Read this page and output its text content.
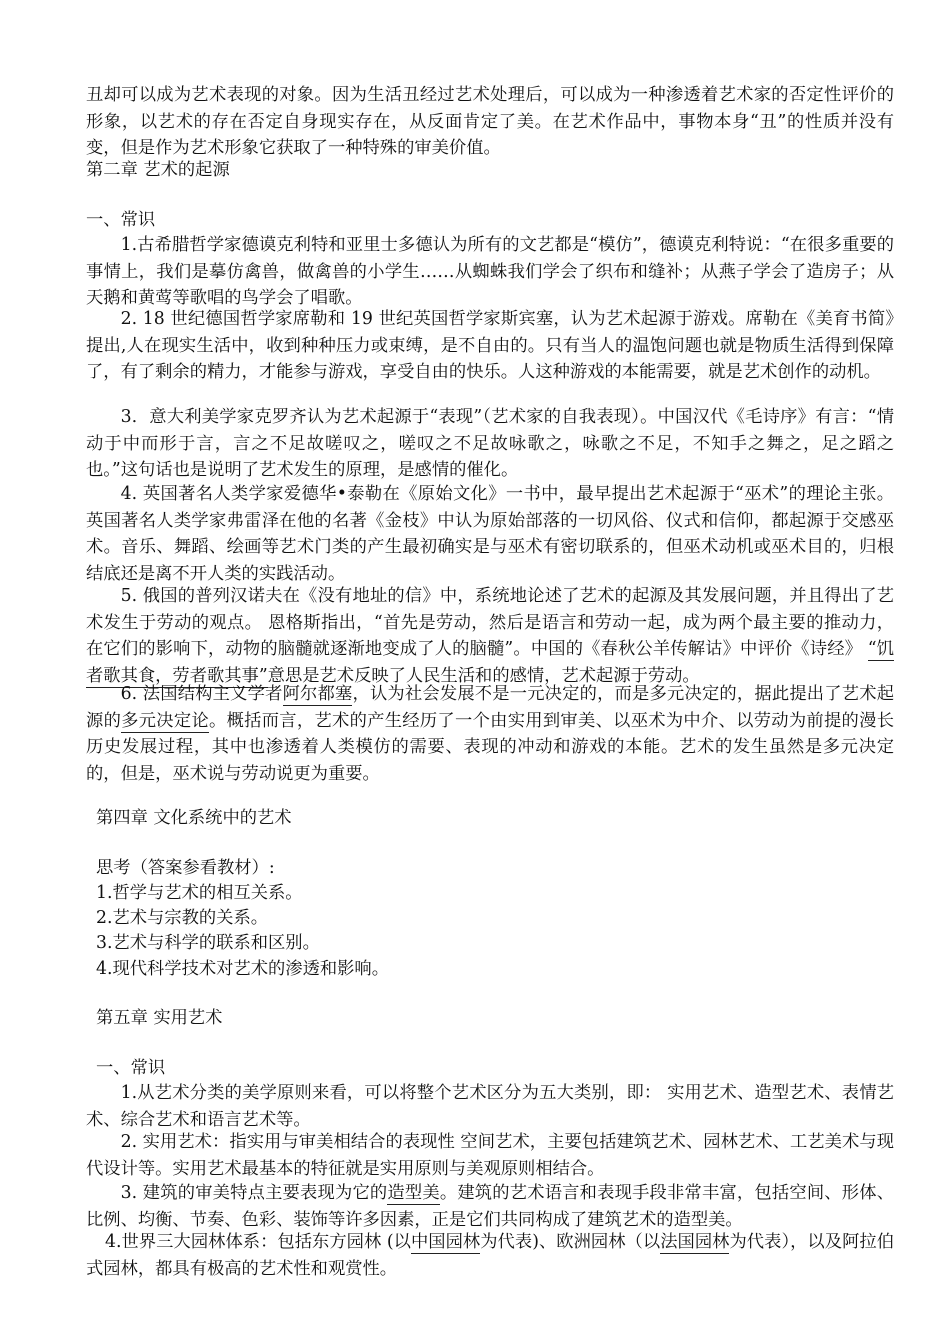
丑却可以成为艺术表现的对象。因为生活丑经过艺术处理后，可以成为一种渗透着艺术家的否定性评价的形象，以艺术的存在否定自身现实存在，从反面肯定了美。在艺术作品中，事物本身“丑”的性质并没有变，但是作为艺术形象它获取了一种特殊的审美价值。
第二章 艺术的起源
一、常识
1.古希腊哲学家德谟克利特和亚里士多德认为所有的文艺都是“模仿”，德谟克利特说：“在很多重要的事情上，我们是摹仿禽兽，做禽兽的小学生……从蜘蛛我们学会了织布和缝补；从燕子学会了造房子；从天鹅和黄莺等歌唱的鸟学会了唱歌。
2. 18 世纪德国哲学家席勒和 19 世纪英国哲学家斯宾塞，认为艺术起源于游戏。席勒在《美育书简》提出,人在现实生活中，收到种种压力或束缚，是不自由的。只有当人的温饱问题也就是物质生活得到保障了，有了剩余的精力，才能参与游戏，享受自由的快乐。人这种游戏的本能需要，就是艺术创作的动机。
3．意大利美学家克罗齐认为艺术起源于“表现”（艺术家的自我表现）。中国汉代《毛诗序》有言：“情动于中而形于言，言之不足故嗟叹之，嗟叹之不足故咏歌之，咏歌之不足，不知手之舞之，足之蹈之也。”这句话也是说明了艺术发生的原理，是感情的催化。
4. 英国著名人类学家爱德华•泰勒在《原始文化》一书中，最早提出艺术起源于“巫术”的理论主张。英国著名人类学家弗雷泽在他的名著《金枝》中认为原始部落的一切风俗、仪式和信仰，都起源于交感巫术。音乐、舞蹈、绘画等艺术门类的产生最初确实是与巫术有密切联系的，但巫术动机或巫术目的，归根结底还是离不开人类的实践活动。
5. 俄国的普列汉诺夫在《没有地址的信》中，系统地论述了艺术的起源及其发展问题，并且得出了艺术发生于劳动的观点。 恩格斯指出，“首先是劳动，然后是语言和劳动一起，成为两个最主要的推动力，在它们的影响下，动物的脑髓就逐渐地变成了人的脑髓”。中国的《春秋公羊传解诂》中评价《诗经》 “饥者歌其食，劳者歌其事”意思是艺术反映了人民生活和的感情，艺术起源于劳动。
6. 法国结构主义学者阿尔都塞，认为社会发展不是一元决定的，而是多元决定的，据此提出了艺术起源的多元决定论。概括而言，艺术的产生经历了一个由实用到审美、以巫术为中介、以劳动为前提的漫长历史发展过程，其中也渗透着人类模仿的需要、表现的冲动和游戏的本能。艺术的发生虽然是多元决定的，但是，巫术说与劳动说更为重要。
第四章 文化系统中的艺术
思考（答案参看教材）:
1.哲学与艺术的相互关系。
2.艺术与宗教的关系。
3.艺术与科学的联系和区别。
4.现代科学技术对艺术的渗透和影响。
第五章 实用艺术
一、常识
1.从艺术分类的美学原则来看，可以将整个艺术区分为五大类别，即： 实用艺术、造型艺术、表情艺术、综合艺术和语言艺术等。
2. 实用艺术：指实用与审美相结合的表现性 空间艺术，主要包括建筑艺术、园林艺术、工艺美术与现代设计等。实用艺术最基本的特征就是实用原则与美观原则相结合。
3. 建筑的审美特点主要表现为它的造型美。建筑的艺术语言和表现手段非常丰富，包括空间、形体、比例、均衡、节奏、色彩、装饰等许多因素，正是它们共同构成了建筑艺术的造型美。
4.世界三大园林体系：包括东方园林 (以中国园林为代表)、欧洲园林（以法国园林为代表），以及阿拉伯式园林，都具有极高的艺术性和观赏性。
